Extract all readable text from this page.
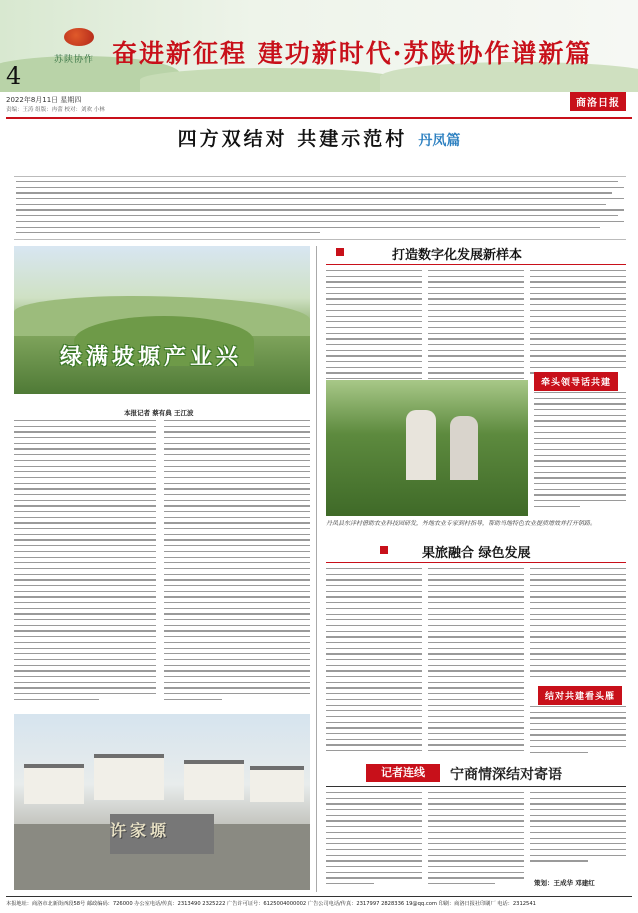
苏陕协作 奋进新征程 建功新时代·苏陕协作谱新篇
4
2022年8月11日 星期四
责编：王涛 组版：冉蕾 校对：刘欢 小林
商洛日报
四方双结对 共建示范村 丹凤篇
绿满坡塬产业兴
本报记者 蔡有典 王江波
许家塬
打造数字化发展新样本
牵头领导话共建
丹凤县东洋村借助农业科技园研发，外地农业专家到村指导，帮助当地特色农业提质增效并打开销路。
果旅融合 绿色发展
结对共建看头雁
记者连线	宁商情深结对寄语
策划：王成华 邓建红
本报地址：商洛市北新街西段58号 邮政编码：726000 办公室电话/传真：2313490 2325222 广告许可证号：6125004000002 广告公司电话/传真：2317997 2828336 19@qq.com 印刷：商洛日报社印刷厂 电话：2312541
